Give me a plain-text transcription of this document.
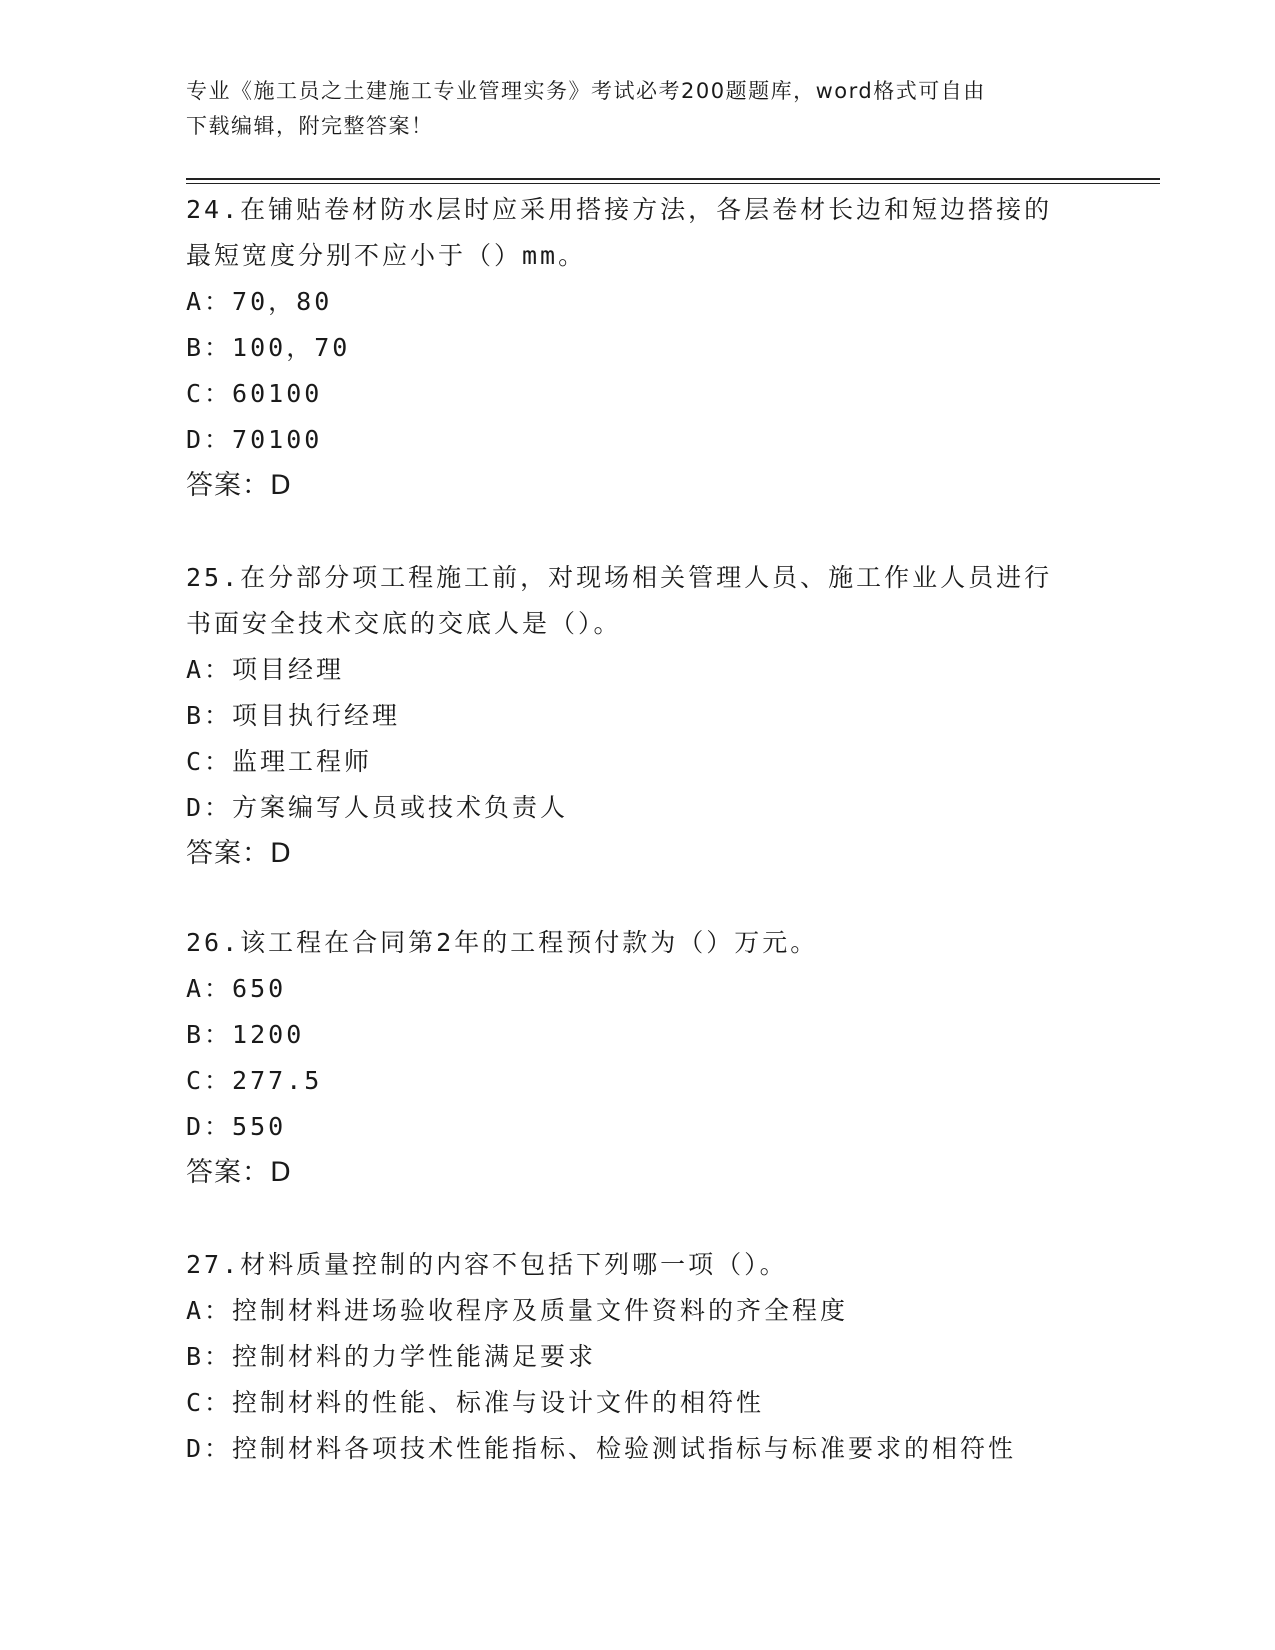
专业《施工员之土建施工专业管理实务》考试必考200题题库，word格式可自由
下载编辑，附完整答案！

24.在铺贴卷材防水层时应采用搭接方法，各层卷材长边和短边搭接的

最短宽度分别不应小于（）mm。

A：70，80

B：100，70

C：60100

D：70100

答案：D

25.在分部分项工程施工前，对现场相关管理人员、施工作业人员进行

书面安全技术交底的交底人是（）。

A：项目经理

B：项目执行经理

C：监理工程师

D：方案编写人员或技术负责人

答案：D

26.该工程在合同第2年的工程预付款为（）万元。

A：650

B：1200

C：277.5

D：550

答案：D

27.材料质量控制的内容不包括下列哪一项（）。

A：控制材料进场验收程序及质量文件资料的齐全程度

B：控制材料的力学性能满足要求

C：控制材料的性能、标准与设计文件的相符性

D：控制材料各项技术性能指标、检验测试指标与标准要求的相符性
